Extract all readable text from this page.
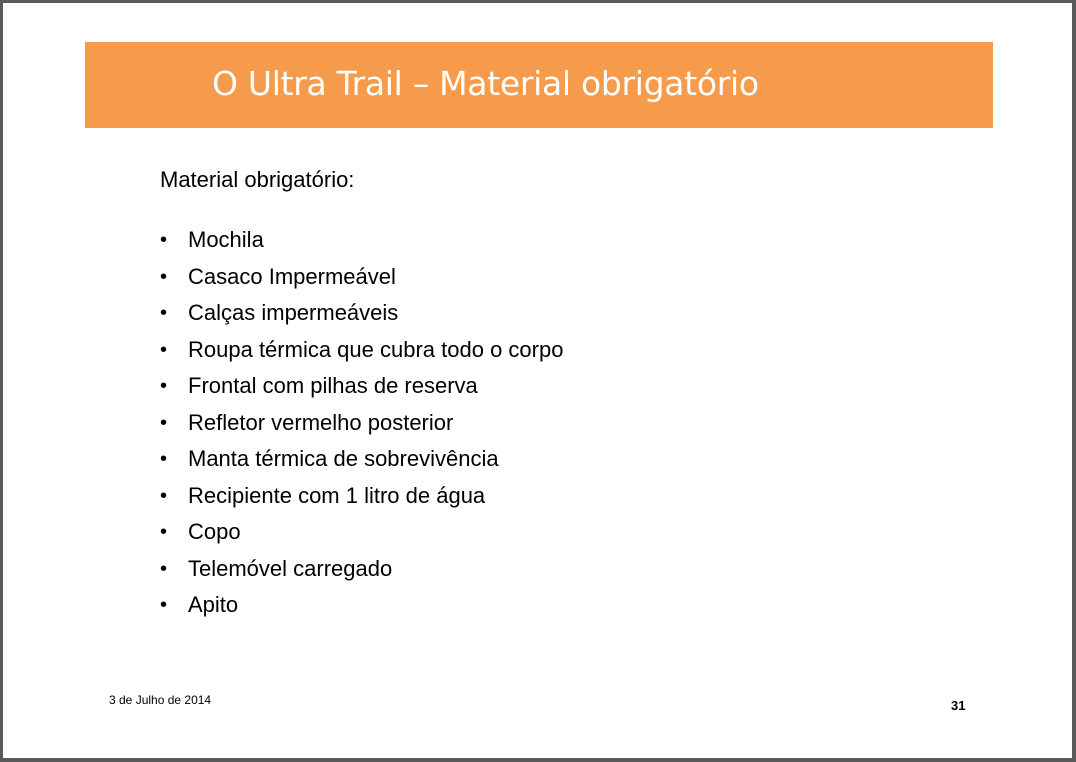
O Ultra Trail – Material obrigatório
Material obrigatório:
• Mochila
• Casaco Impermeável
• Calças impermeáveis
• Roupa térmica que cubra todo o corpo
• Frontal com pilhas de reserva
• Refletor vermelho posterior
• Manta térmica de sobrevivência
• Recipiente com 1 litro de água
• Copo
• Telemóvel carregado
• Apito
3 de Julho de 2014	31
